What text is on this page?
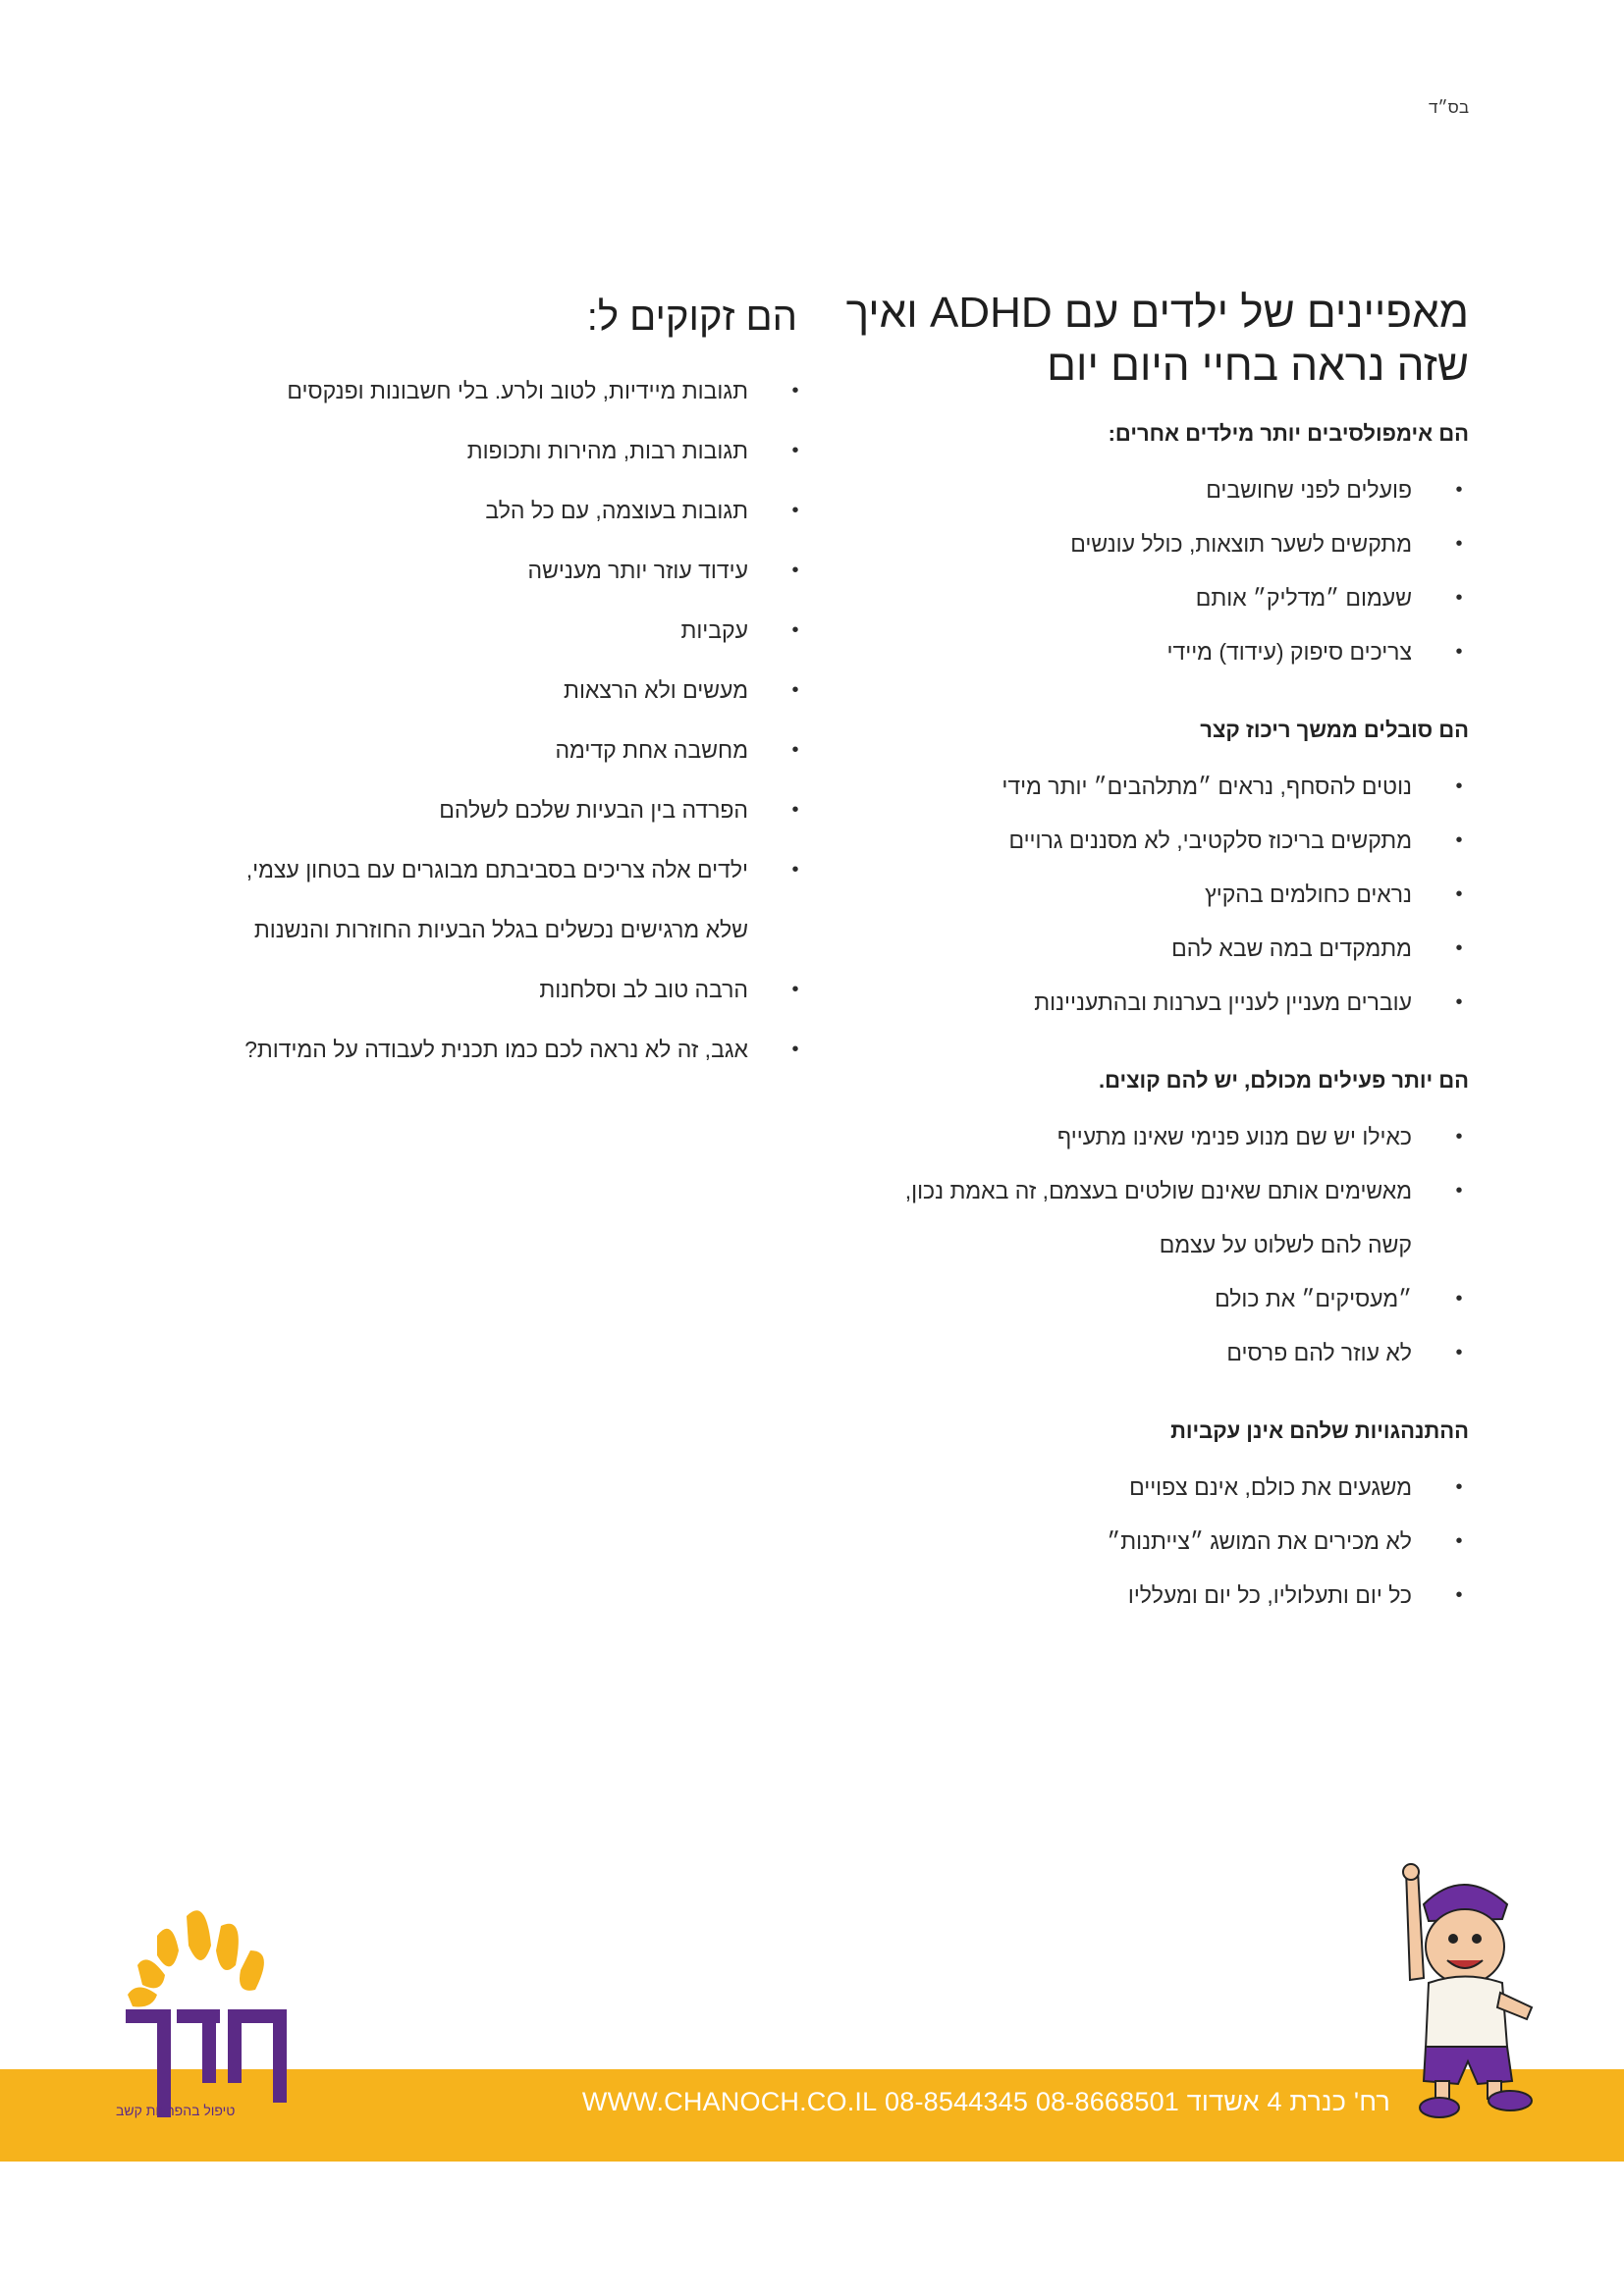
בס״ד
מאפיינים של ילדים עם ADHD ואיך שזה נראה בחיי היום יום
הם אימפולסיבים יותר מילדים אחרים:
•
פועלים לפני שחושבים
•
מתקשים לשער תוצאות, כולל עונשים
•
שעמום ״מדליק״ אותם
•
צריכים סיפוק (עידוד) מיידי
הם סובלים ממשך ריכוז קצר
•
נוטים להסחף, נראים ״מתלהבים״ יותר מידי
•
מתקשים בריכוז סלקטיבי, לא מסננים גרויים
•
נראים כחולמים בהקיץ
•
מתמקדים במה שבא להם
•
עוברים מעניין לעניין בערנות ובהתעניינות
הם יותר פעילים מכולם, יש להם קוצים.
•
כאילו יש שם מנוע פנימי שאינו מתעייף
•
מאשימים אותם שאינם שולטים בעצמם, זה באמת נכון,
קשה להם לשלוט על עצמם
•
״מעסיקים״ את כולם
•
לא עוזר להם פרסים
ההתנהגויות שלהם אינן עקביות
•
משגעים את כולם, אינם צפויים
•
לא מכירים את המושג ״צייתנות״
•
כל יום ותעלוליו, כל יום ומעלליו
הם זקוקים ל:
•
תגובות מיידיות, לטוב ולרע. בלי חשבונות ופנקסים
•
תגובות רבות, מהירות ותכופות
•
תגובות בעוצמה, עם כל הלב
•
עידוד עוזר יותר מענישה
•
עקביות
•
מעשים ולא הרצאות
•
מחשבה אחת קדימה
•
הפרדה בין הבעיות שלכם לשלהם
•
ילדים אלה צריכים בסביבתם מבוגרים עם בטחון עצמי,
שלא מרגישים נכשלים בגלל הבעיות החוזרות והנשנות
•
הרבה טוב לב וסלחנות
•
אגב, זה לא נראה לכם כמו תכנית לעבודה על המידות?
רח' כנרת 4 אשדוד 08-8668501 08-8544345 WWW.CHANOCH.CO.IL
טיפול בהפרעות קשב
